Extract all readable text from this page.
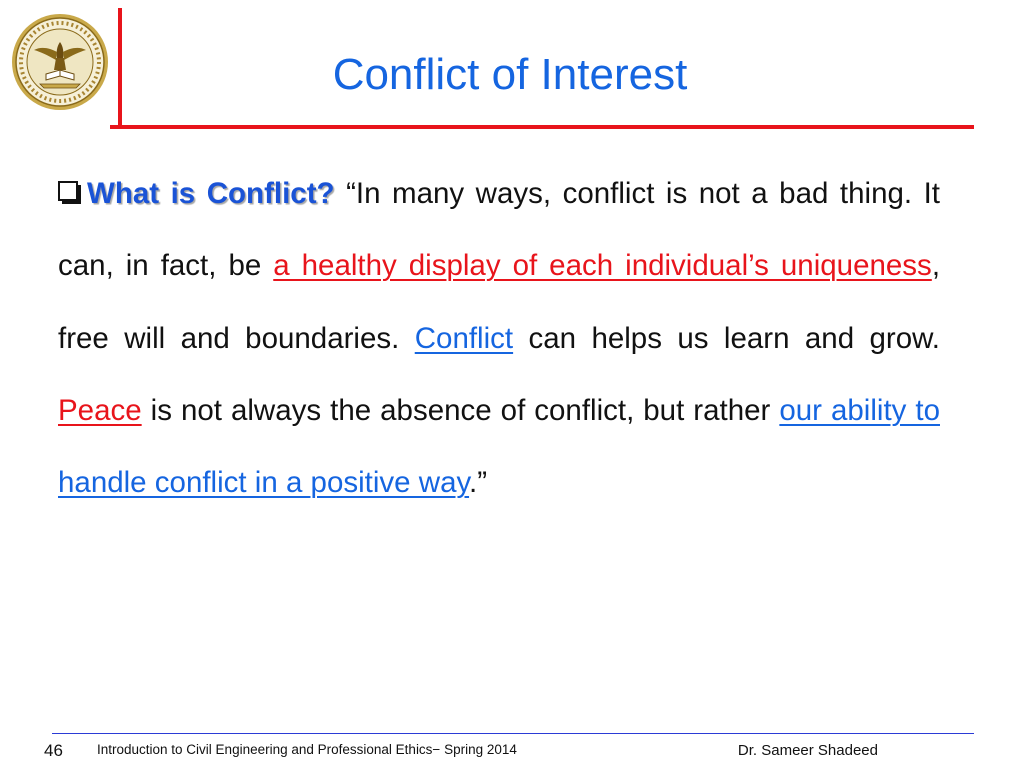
Conflict of Interest
What is Conflict? “In many ways, conflict is not a bad thing. It can, in fact, be a healthy display of each individual’s uniqueness, free will and boundaries. Conflict can helps us learn and grow. Peace is not always the absence of conflict, but rather our ability to handle conflict in a positive way.”
46	Introduction to Civil Engineering and Professional Ethics− Spring 2014	Dr. Sameer Shadeed
